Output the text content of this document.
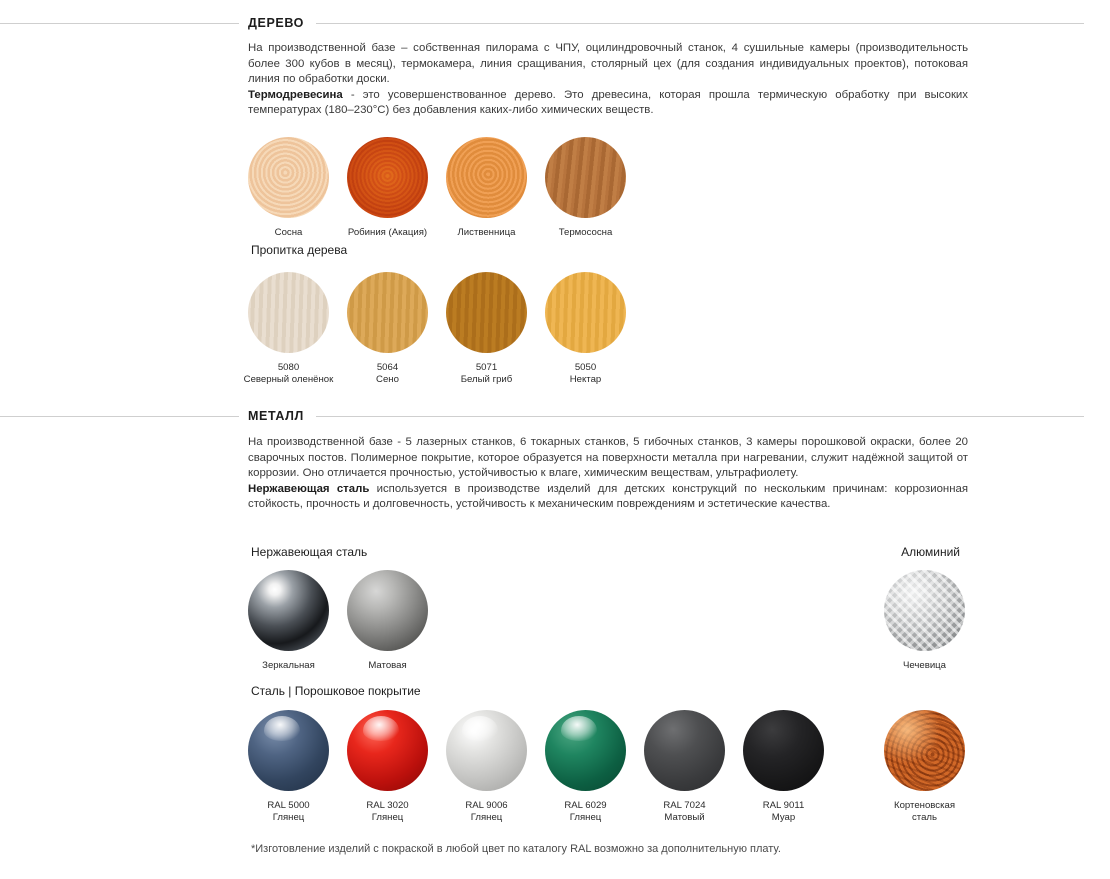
ДЕРЕВО

На производственной базе – собственная пилорама с ЧПУ, оцилиндровочный станок, 4 сушильные камеры (производительность более 300 кубов в месяц), термокамера, линия сращивания, столярный цех (для создания индивидуальных проектов), потоковая линия по обработки доски.

Термодревесина - это усовершенствованное дерево. Это древесина, которая прошла термическую обработку при высоких температурах (180–230°С) без добавления каких-либо химических веществ.

Сосна	Робиния (Акация)	Лиственница	Термососна
Пропитка дерева
5080
Северный оленёнок
5064
Сено
5071
Белый гриб
5050
Нектар
МЕТАЛЛ

На производственной базе - 5 лазерных станков, 6 токарных станков, 5 гибочных станков, 3 камеры порошковой окраски, более 20 сварочных постов. Полимерное покрытие, которое образуется на поверхности металла при нагревании, служит надёжной защитой от коррозии. Оно отличается прочностью, устойчивостью к влаге, химическим веществам, ультрафиолету.

Нержавеющая сталь используется в производстве изделий для детских конструкций по нескольким причинам: коррозионная стойкость, прочность и долговечность, устойчивость к механическим повреждениям и эстетические качества.

Нержавеющая сталь	Алюминий
Зеркальная	Матовая	Чечевица
Сталь | Порошковое покрытие
RAL 5000
Глянец
RAL 3020
Глянец
RAL 9006
Глянец
RAL 6029
Глянец
RAL 7024
Матовый
RAL 9011
Муар
Кортеновская
сталь
*Изготовление изделий с покраской в любой цвет по каталогу RAL возможно за дополнительную плату.
